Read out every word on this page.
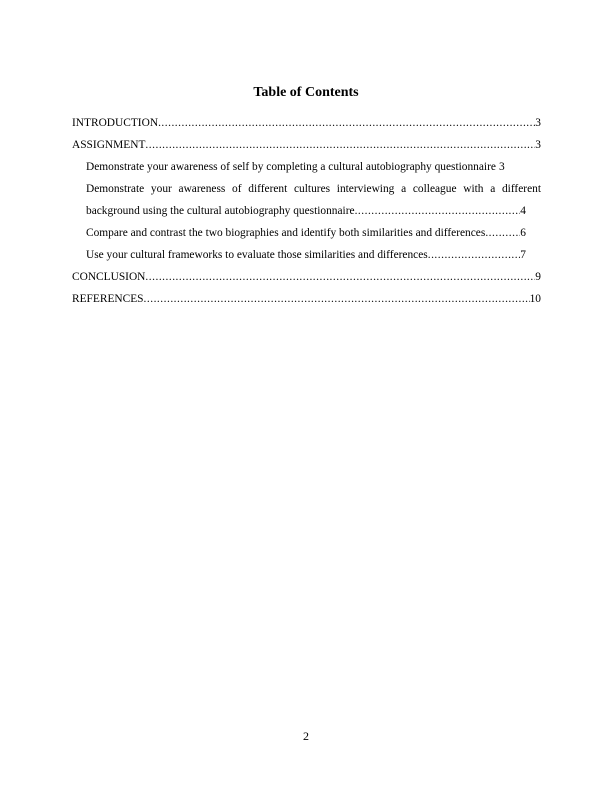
Table of Contents
INTRODUCTION .....	3
ASSIGNMENT .....	3
Demonstrate your awareness of self by completing a cultural autobiography questionnaire 3
Demonstrate your awareness of different cultures interviewing a colleague with a different
background using the cultural autobiography questionnaire .....	4
Compare and contrast the two biographies and identify both similarities and differences .....	6
Use your cultural frameworks to evaluate those similarities and differences .....	7
CONCLUSION .....	9
REFERENCES .....	10
2
